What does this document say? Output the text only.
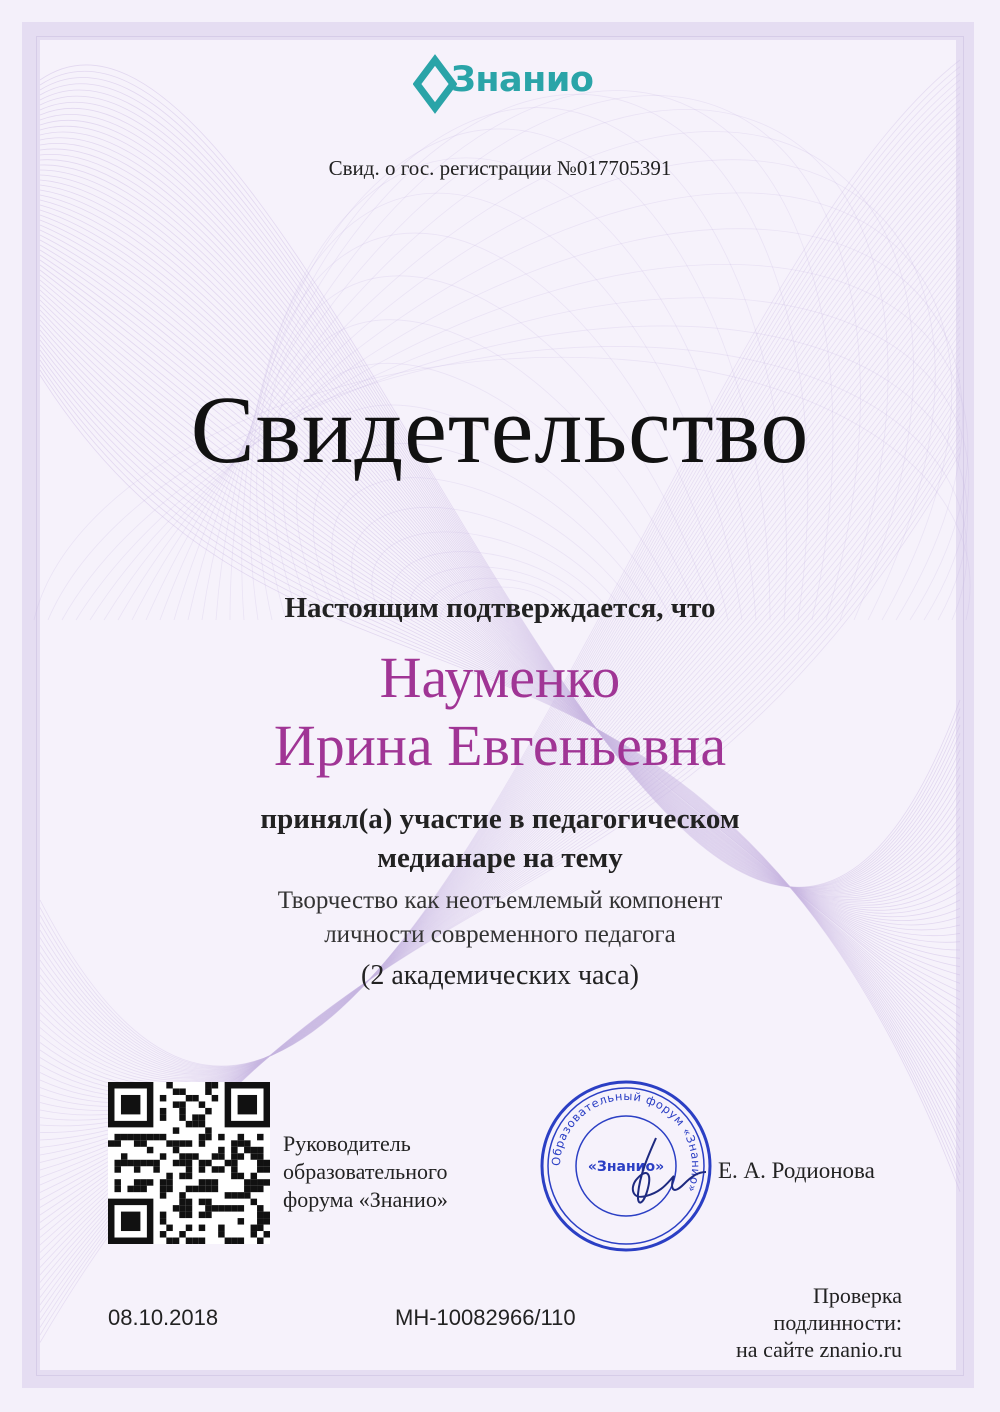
Знанио
Свид. о гос. регистрации №017705391
Свидетельство
Настоящим подтверждается, что
Науменко
Ирина Евгеньевна
принял(а) участие в педагогическом
медианаре на тему
Творчество как неотъемлемый компонент
личности современного педагога
(2 академических часа)
Руководитель
образовательного
форума «Знанио»
Образовательный форум «Знанио»
«Знанио» Е. А. Родионова
08.10.2018	МН-10082966/110
Проверка
подлинности:
на сайте znanio.ru
